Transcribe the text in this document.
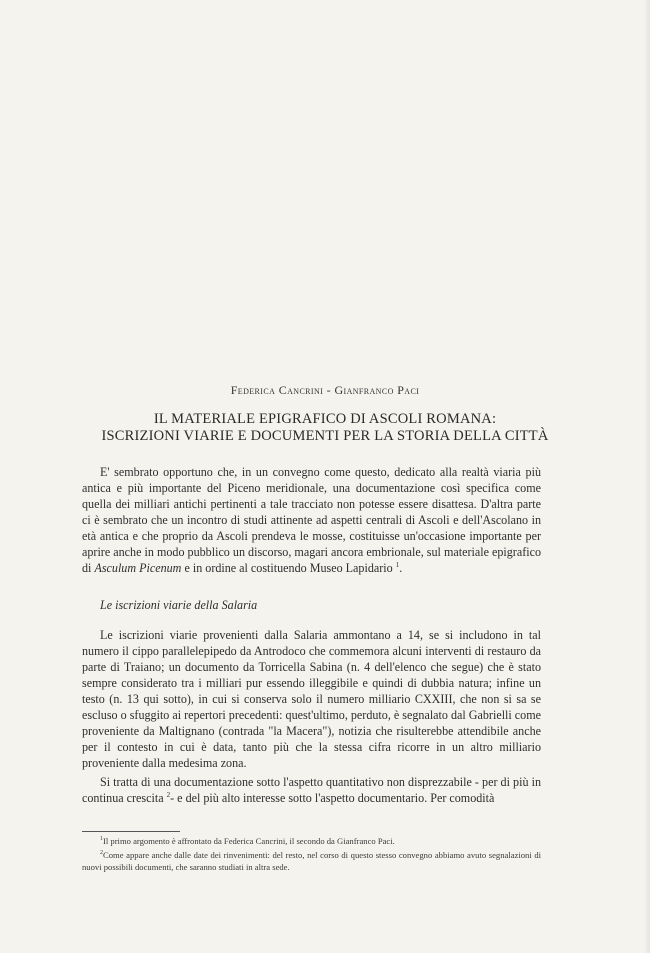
Federica Cancrini - Gianfranco Paci
IL MATERIALE EPIGRAFICO DI ASCOLI ROMANA:
ISCRIZIONI VIARIE E DOCUMENTI PER LA STORIA DELLA CITTÀ
E' sembrato opportuno che, in un convegno come questo, dedicato alla realtà viaria più antica e più importante del Piceno meridionale, una documentazione così specifica come quella dei milliari antichi pertinenti a tale tracciato non potesse essere disattesa. D'altra parte ci è sembrato che un incontro di studi attinente ad aspetti centrali di Ascoli e dell'Ascolano in età antica e che proprio da Ascoli prendeva le mosse, costituisse un'occasione importante per aprire anche in modo pubblico un discorso, magari ancora embrionale, sul materiale epigrafico di Asculum Picenum e in ordine al costituendo Museo Lapidario $^1$.
Le iscrizioni viarie della Salaria
Le iscrizioni viarie provenienti dalla Salaria ammontano a 14, se si includono in tal numero il cippo parallelepipedo da Antrodoco che commemora alcuni interventi di restauro da parte di Traiano; un documento da Torricella Sabina (n. 4 dell'elenco che segue) che è stato sempre considerato tra i milliari pur essendo illeggibile e quindi di dubbia natura; infine un testo (n. 13 qui sotto), in cui si conserva solo il numero milliario CXXIII, che non si sa se escluso o sfuggito ai repertori precedenti: quest'ultimo, perduto, è segnalato dal Gabrielli come proveniente da Maltignano (contrada "la Macera"), notizia che risulterebbe attendibile anche per il contesto in cui è data, tanto più che la stessa cifra ricorre in un altro milliario proveniente dalla medesima zona.
Si tratta di una documentazione sotto l'aspetto quantitativo non disprezzabile - per di più in continua crescita $^2$- e del più alto interesse sotto l'aspetto documentario. Per comodità
$^1$Il primo argomento è affrontato da Federica Cancrini, il secondo da Gianfranco Paci.
$^2$Come appare anche dalle date dei rinvenimenti: del resto, nel corso di questo stesso convegno abbiamo avuto segnalazioni di nuovi possibili documenti, che saranno studiati in altra sede.
